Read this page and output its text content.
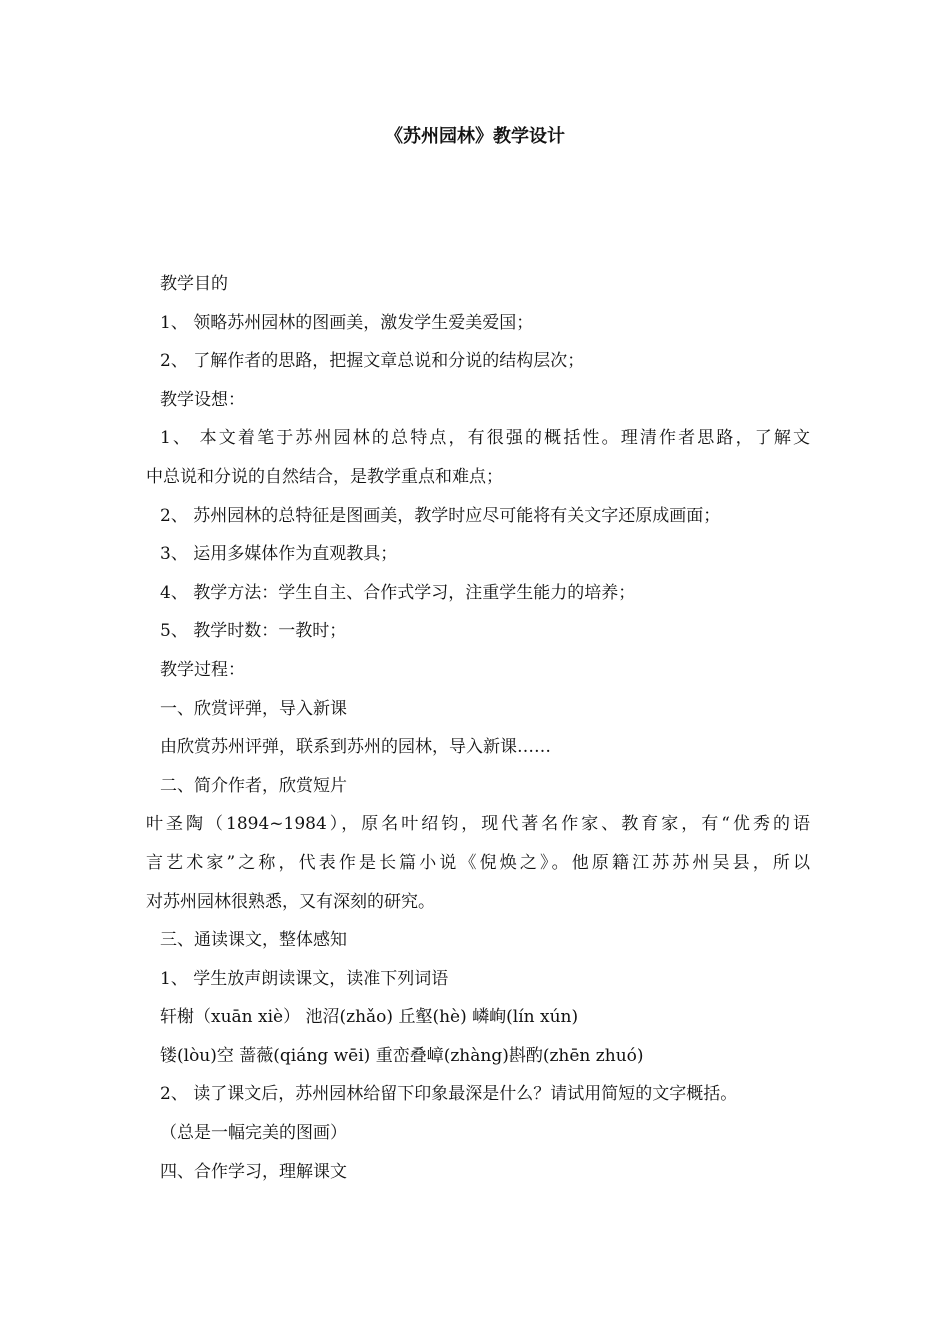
《苏州园林》教学设计
教学目的
1、 领略苏州园林的图画美，激发学生爱美爱国；
2、 了解作者的思路，把握文章总说和分说的结构层次；
教学设想：
1、 本文着笔于苏州园林的总特点，有很强的概括性。理清作者思路，了解文
中总说和分说的自然结合，是教学重点和难点；
2、 苏州园林的总特征是图画美，教学时应尽可能将有关文字还原成画面；
3、 运用多媒体作为直观教具；
4、 教学方法：学生自主、合作式学习，注重学生能力的培养；
5、 教学时数：一教时；
教学过程：
一、欣赏评弹，导入新课
由欣赏苏州评弹，联系到苏州的园林，导入新课……
二、简介作者，欣赏短片
叶圣陶（1894~1984），原名叶绍钧，现代著名作家、教育家，有“优秀的语
言艺术家”之称，代表作是长篇小说《倪焕之》。他原籍江苏苏州吴县，所以
对苏州园林很熟悉，又有深刻的研究。
三、通读课文，整体感知
1、 学生放声朗读课文，读准下列词语
轩榭（xuān xiè） 池沼(zhǎo) 丘壑(hè) 嶙峋(lín xún)
镂(lòu)空 蔷薇(qiáng wēi) 重峦叠嶂(zhàng)斟酌(zhēn zhuó)
2、 读了课文后，苏州园林给留下印象最深是什么？请试用简短的文字概括。
（总是一幅完美的图画）
四、合作学习，理解课文
